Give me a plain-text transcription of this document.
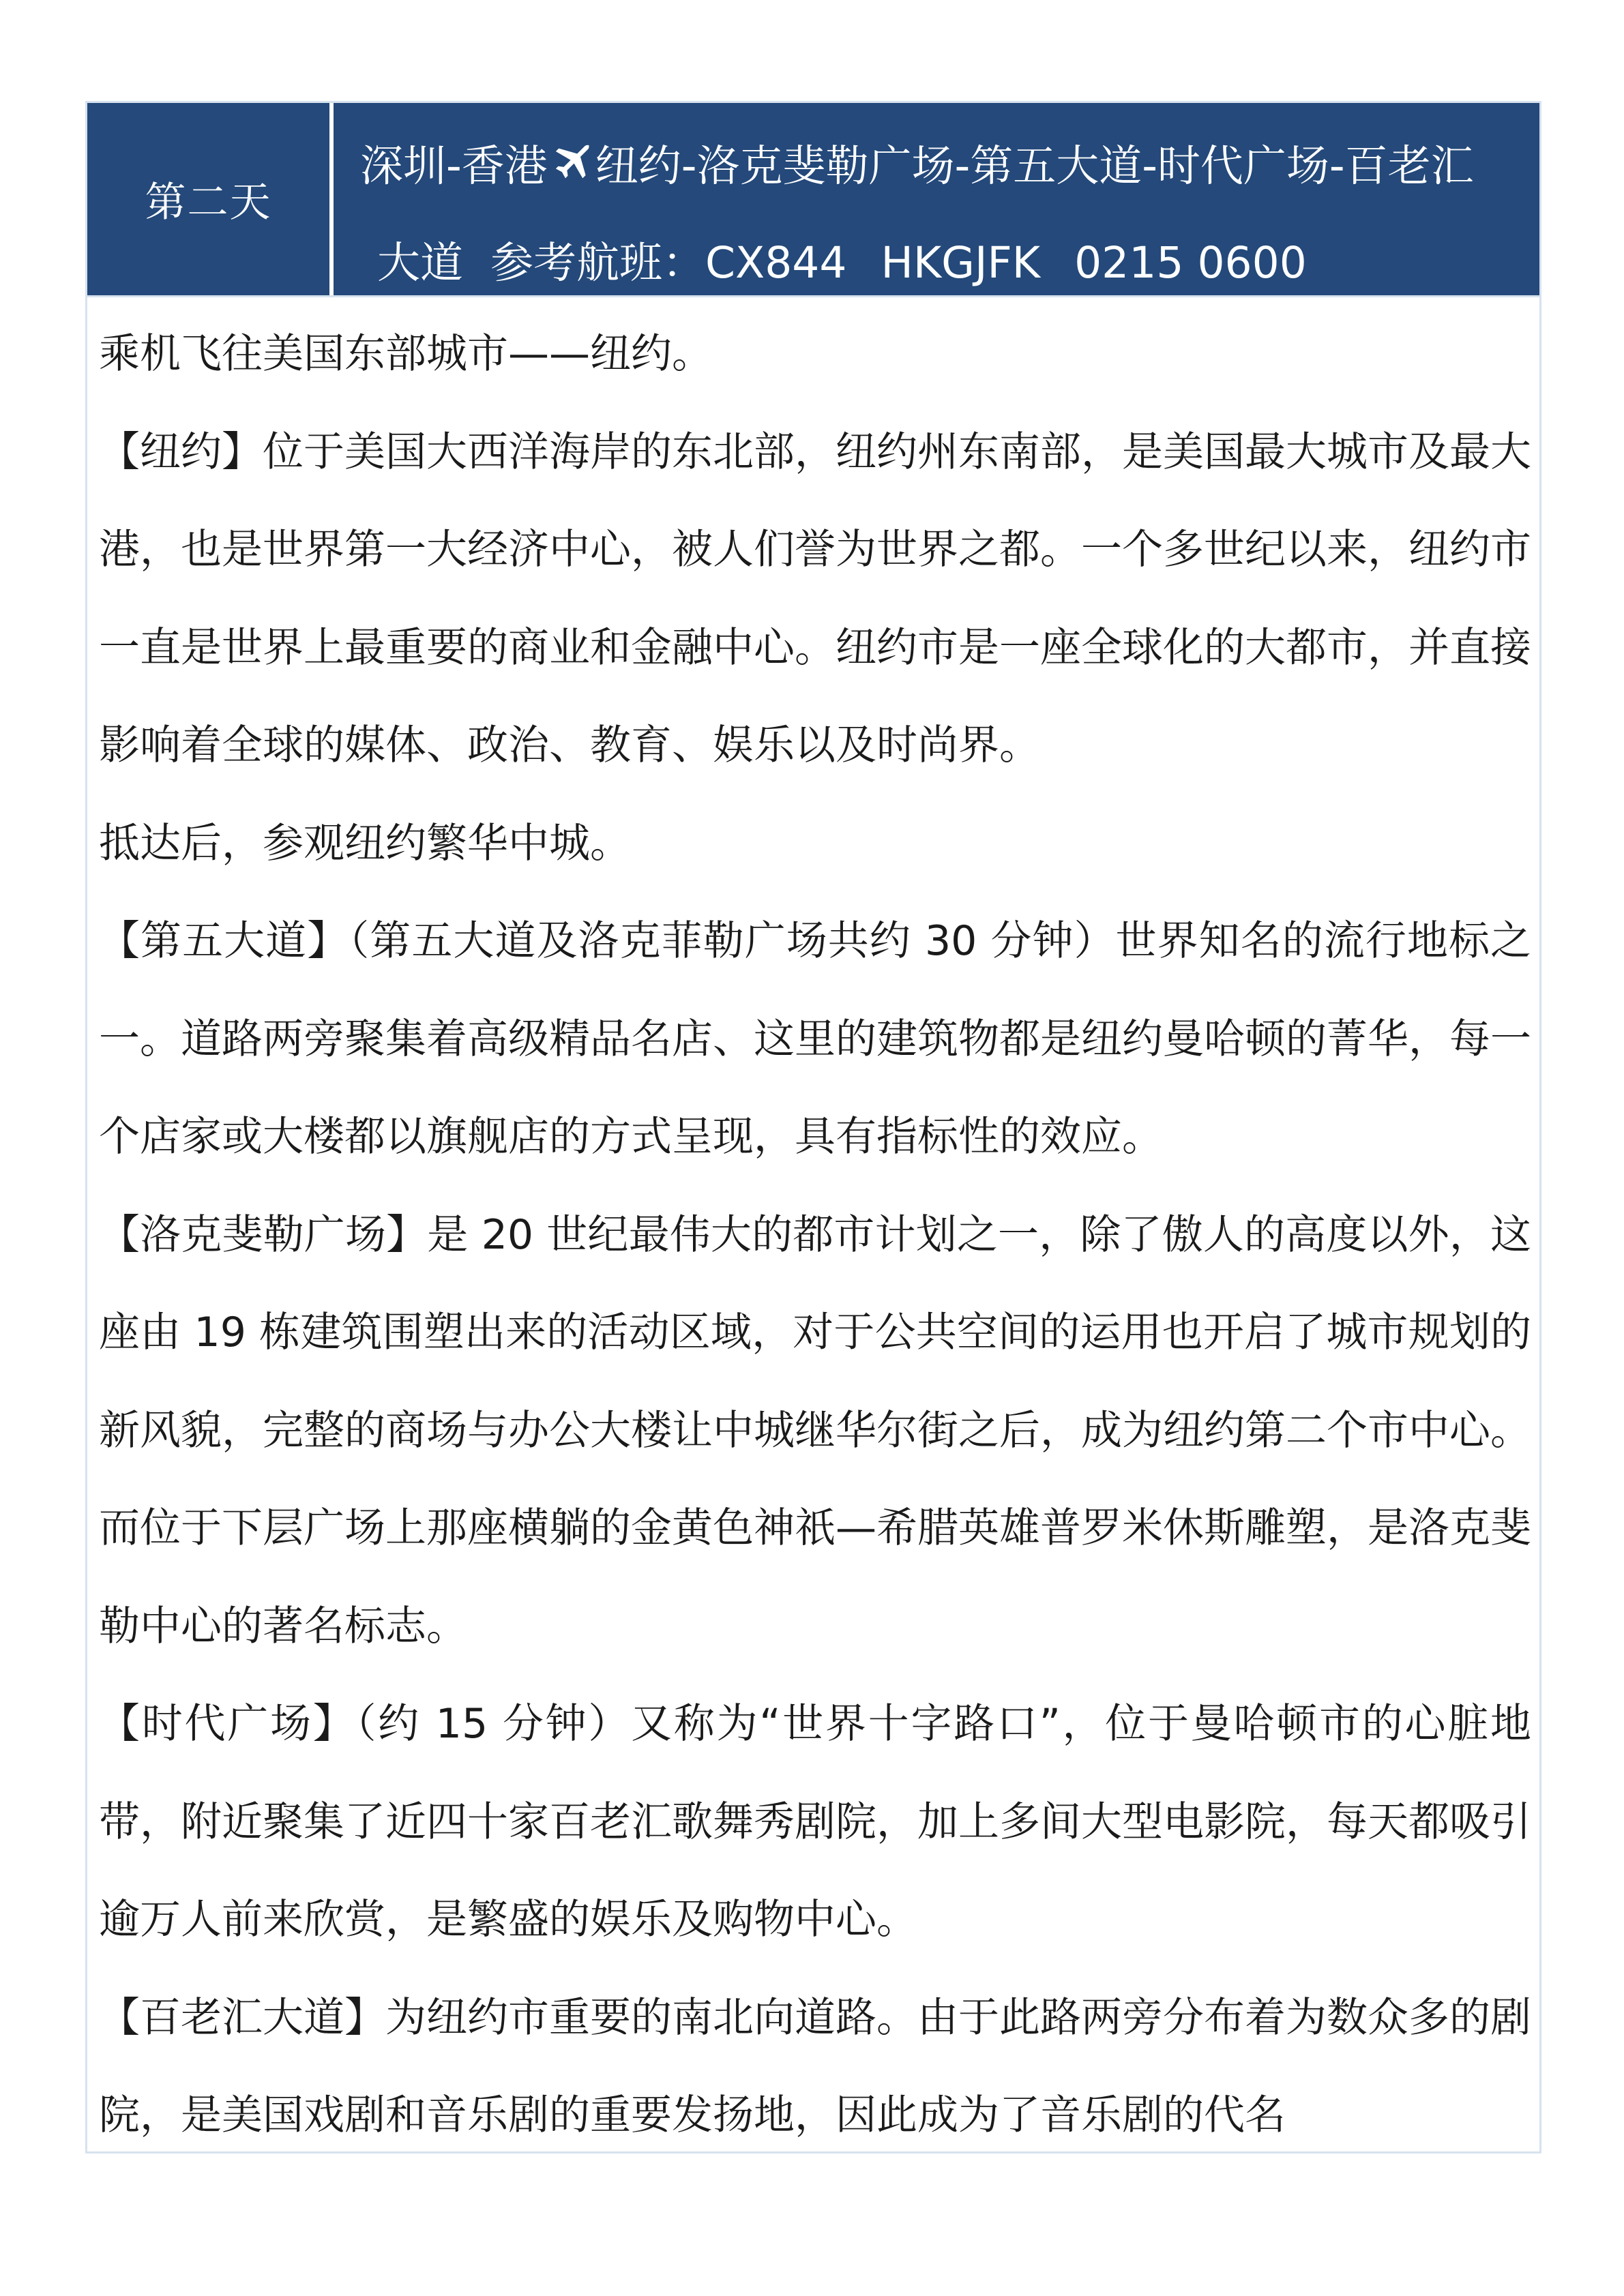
第二天
深圳-香港 纽约-洛克斐勒广场-第五大道-时代广场-百老汇
大道  参考航班：CX844 HKGJFK 0215 0600

乘机飞往美国东部城市——纽约。

【纽约】位于美国大西洋海岸的东北部，纽约州东南部，是美国最大城市及最大港，也是世界第一大经济中心，被人们誉为世界之都。一个多世纪以来，纽约市一直是世界上最重要的商业和金融中心。纽约市是一座全球化的大都市，并直接影响着全球的媒体、政治、教育、娱乐以及时尚界。

抵达后，参观纽约繁华中城。

【第五大道】（第五大道及洛克菲勒广场共约 30 分钟）世界知名的流行地标之一。道路两旁聚集着高级精品名店、这里的建筑物都是纽约曼哈顿的菁华，每一个店家或大楼都以旗舰店的方式呈现，具有指标性的效应。

【洛克斐勒广场】是 20 世纪最伟大的都市计划之一，除了傲人的高度以外，这座由 19 栋建筑围塑出来的活动区域，对于公共空间的运用也开启了城市规划的新风貌，完整的商场与办公大楼让中城继华尔街之后，成为纽约第二个市中心。而位于下层广场上那座横躺的金黄色神祇—希腊英雄普罗米休斯雕塑，是洛克斐勒中心的著名标志。

【时代广场】（约 15 分钟）又称为“世界十字路口”，位于曼哈顿市的心脏地带，附近聚集了近四十家百老汇歌舞秀剧院，加上多间大型电影院，每天都吸引逾万人前来欣赏，是繁盛的娱乐及购物中心。

【百老汇大道】为纽约市重要的南北向道路。由于此路两旁分布着为数众多的剧院，是美国戏剧和音乐剧的重要发扬地，因此成为了音乐剧的代名
